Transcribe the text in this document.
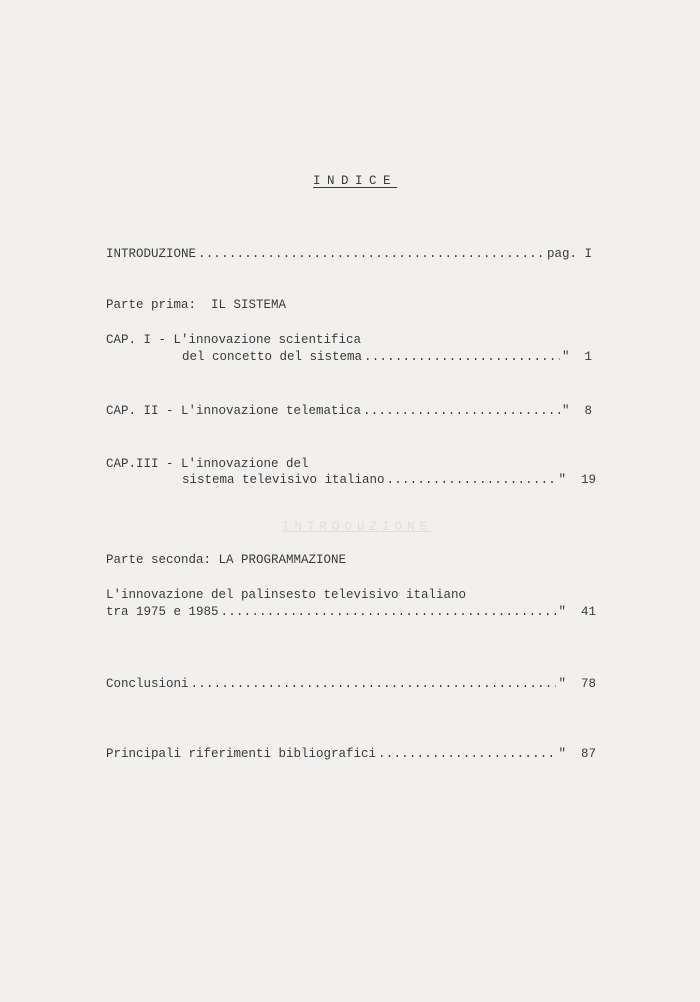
INTRODUZIONE
INDICE
INTRODUZIONE .....	pag. I
Parte prima:  IL SISTEMA
CAP. I - L'innovazione scientifica
del concetto del sistema .....	"  1
CAP. II - L'innovazione telematica .....	"  8
CAP.III - L'innovazione del
sistema televisivo italiano .....	"  19
Parte seconda: LA PROGRAMMAZIONE
L'innovazione del palinsesto televisivo italiano
tra 1975 e 1985 .....	"  41
Conclusioni .....	"  78
Principali riferimenti bibliografici .....	"  87
